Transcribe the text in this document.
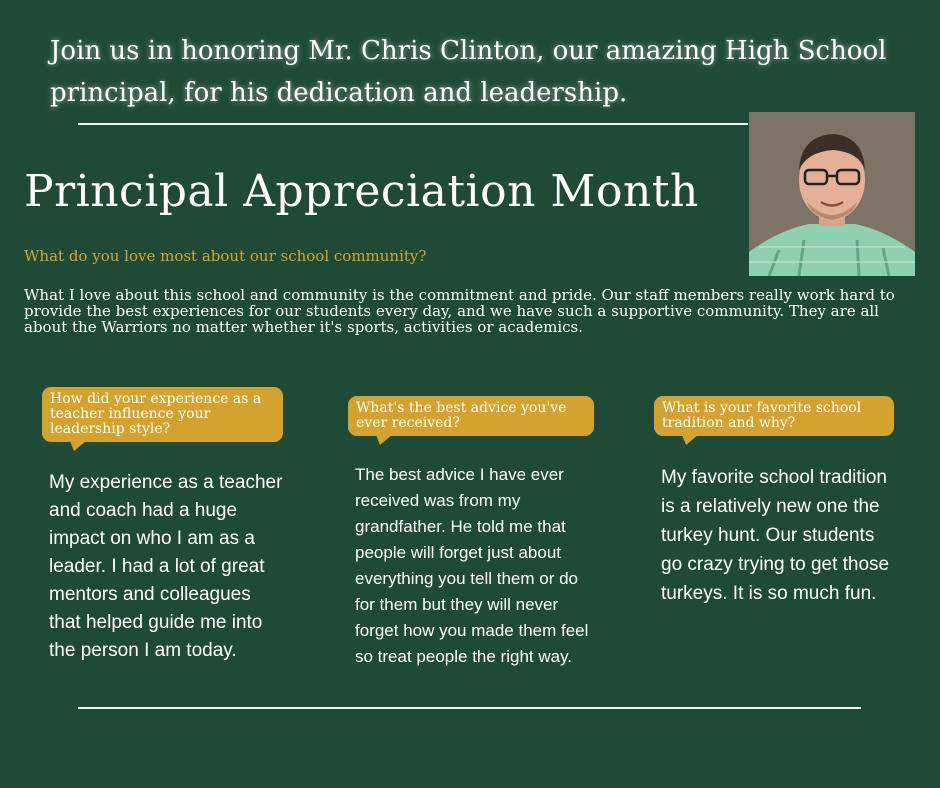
Join us in honoring Mr. Chris Clinton, our amazing High School principal, for his dedication and leadership.
Principal Appreciation Month

What do you love most about our school community?

What I love about this school and community is the commitment and pride. Our staff members really work hard to provide the best experiences for our students every day, and we have such a supportive community. They are all about the Warriors no matter whether it's sports, activities or academics.

How did your experience as a teacher influence your leadership style?

My experience as a teacher and coach had a huge impact on who I am as a leader. I had a lot of great mentors and colleagues that helped guide me into the person I am today.

What's the best advice you've ever received?

The best advice I have ever received was from my grandfather. He told me that people will forget just about everything you tell them or do for them but they will never forget how you made them feel so treat people the right way.

What is your favorite school tradition and why?

My favorite school tradition is a relatively new one the turkey hunt. Our students go crazy trying to get those turkeys. It is so much fun.
